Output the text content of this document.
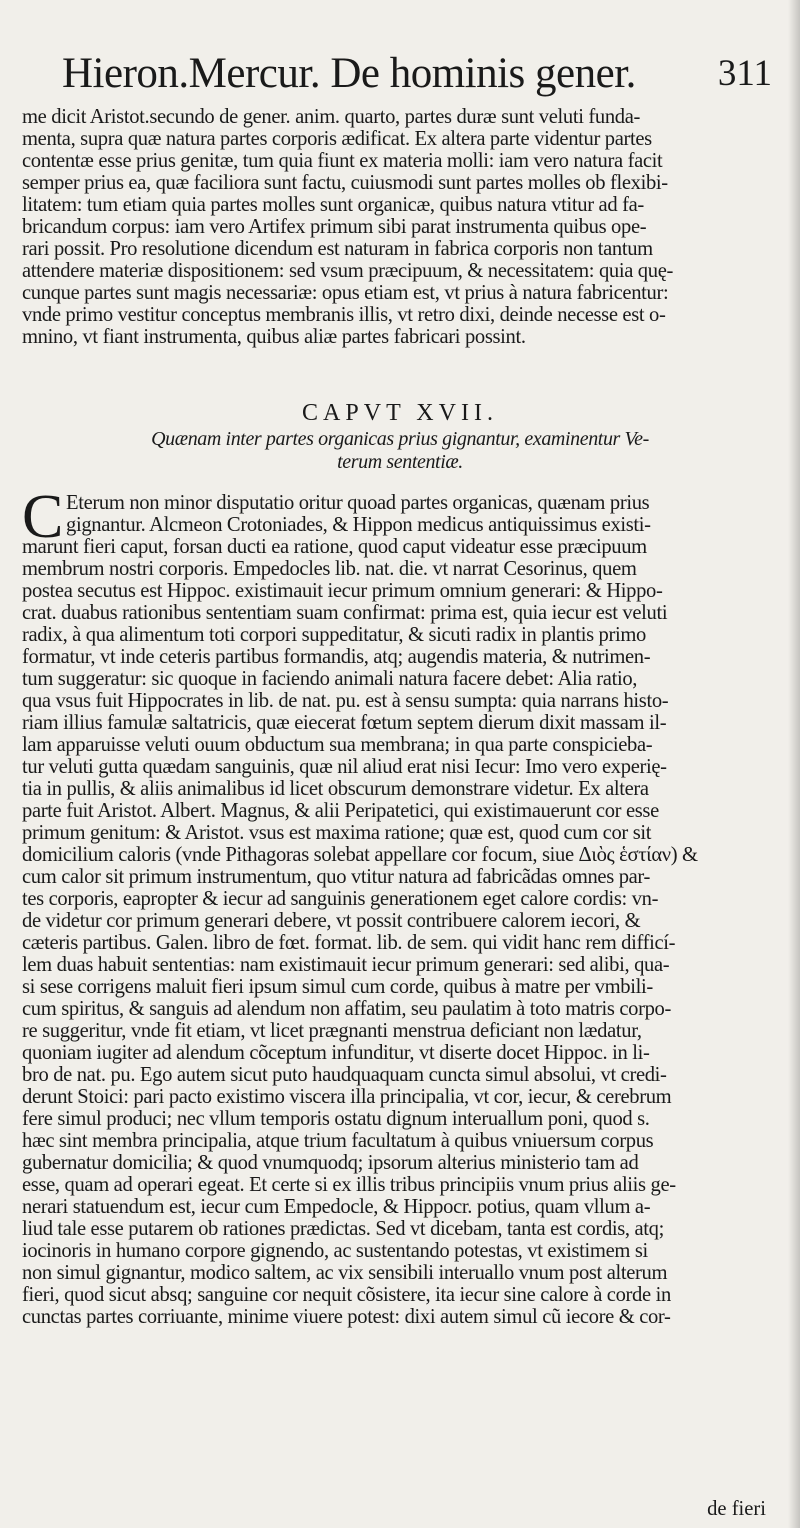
Hieron.Mercur. De hominis gener. 311
me dicit Aristot.secundo de gener. anim. quarto, partes duræ sunt veluti funda-
menta, supra quæ natura partes corporis ædificat. Ex altera parte videntur partes
contentæ esse prius genitæ, tum quia fiunt ex materia molli: iam vero natura facit
semper prius ea, quæ faciliora sunt factu, cuiusmodi sunt partes molles ob flexibi-
litatem: tum etiam quia partes molles sunt organicæ, quibus natura vtitur ad fa-
bricandum corpus: iam vero Artifex primum sibi parat instrumenta quibus ope-
rari possit. Pro resolutione dicendum est naturam in fabrica corporis non tantum
attendere materiæ dispositionem: sed vsum præcipuum, & necessitatem: quia quę-
cunque partes sunt magis necessariæ: opus etiam est, vt prius à natura fabricentur:
vnde primo vestitur conceptus membranis illis, vt retro dixi, deinde necesse est o-
mnino, vt fiant instrumenta, quibus aliæ partes fabricari possint.
CAPVT XVII.
Quænam inter partes organicas prius gignantur, examinentur Ve-
terum sententiæ.
C Eterum non minor disputatio oritur quoad partes organicas, quænam prius
gignantur. Alcmeon Crotoniades, & Hippon medicus antiquissimus existi-
marunt fieri caput, forsan ducti ea ratione, quod caput videatur esse præcipuum
membrum nostri corporis. Empedocles lib. nat. die. vt narrat Cesorinus, quem
postea secutus est Hippoc. existimauit iecur primum omnium generari: & Hippo-
crat. duabus rationibus sententiam suam confirmat: prima est, quia iecur est veluti
radix, à qua alimentum toti corpori suppeditatur, & sicuti radix in plantis primo
formatur, vt inde ceteris partibus formandis, atq; augendis materia, & nutrimen-
tum suggeratur: sic quoque in faciendo animali natura facere debet: Alia ratio,
qua vsus fuit Hippocrates in lib. de nat. pu. est à sensu sumpta: quia narrans histo-
riam illius famulæ saltatricis, quæ eiecerat fœtum septem dierum dixit massam il-
lam apparuisse veluti ouum obductum sua membrana; in qua parte conspicieba-
tur veluti gutta quædam sanguinis, quæ nil aliud erat nisi Iecur: Imo vero experię-
tia in pullis, & aliis animalibus id licet obscurum demonstrare videtur. Ex altera
parte fuit Aristot. Albert. Magnus, & alii Peripatetici, qui existimauerunt cor esse
primum genitum: & Aristot. vsus est maxima ratione; quæ est, quod cum cor sit
domicilium caloris (vnde Pithagoras solebat appellare cor focum, siue Διὸς ἑστίαν) &
cum calor sit primum instrumentum, quo vtitur natura ad fabricãdas omnes par-
tes corporis, eapropter & iecur ad sanguinis generationem eget calore cordis: vn-
de videtur cor primum generari debere, vt possit contribuere calorem iecori, &
cæteris partibus. Galen. libro de fœt. format. lib. de sem. qui vidit hanc rem difficí-
lem duas habuit sententias: nam existimauit iecur primum generari: sed alibi, qua-
si sese corrigens maluit fieri ipsum simul cum corde, quibus à matre per vmbili-
cum spiritus, & sanguis ad alendum non affatim, seu paulatim à toto matris corpo-
re suggeritur, vnde fit etiam, vt licet prægnanti menstrua deficiant non lædatur,
quoniam iugiter ad alendum cõceptum infunditur, vt diserte docet Hippoc. in li-
bro de nat. pu. Ego autem sicut puto haudquaquam cuncta simul absolui, vt credi-
derunt Stoici: pari pacto existimo viscera illa principalia, vt cor, iecur, & cerebrum
fere simul produci; nec vllum temporis ostatu dignum interuallum poni, quod s.
hæc sint membra principalia, atque trium facultatum à quibus vniuersum corpus
gubernatur domicilia; & quod vnumquodq; ipsorum alterius ministerio tam ad
esse, quam ad operari egeat. Et certe si ex illis tribus principiis vnum prius aliis ge-
nerari statuendum est, iecur cum Empedocle, & Hippocr. potius, quam vllum a-
liud tale esse putarem ob rationes prædictas. Sed vt dicebam, tanta est cordis, atq;
iocinoris in humano corpore gignendo, ac sustentando potestas, vt existimem si
non simul gignantur, modico saltem, ac vix sensibili interuallo vnum post alterum
fieri, quod sicut absq; sanguine cor nequit cõsistere, ita iecur sine calore à corde in
cunctas partes corriuante, minime viuere potest: dixi autem simul cũ iecore & cor-
de fieri
